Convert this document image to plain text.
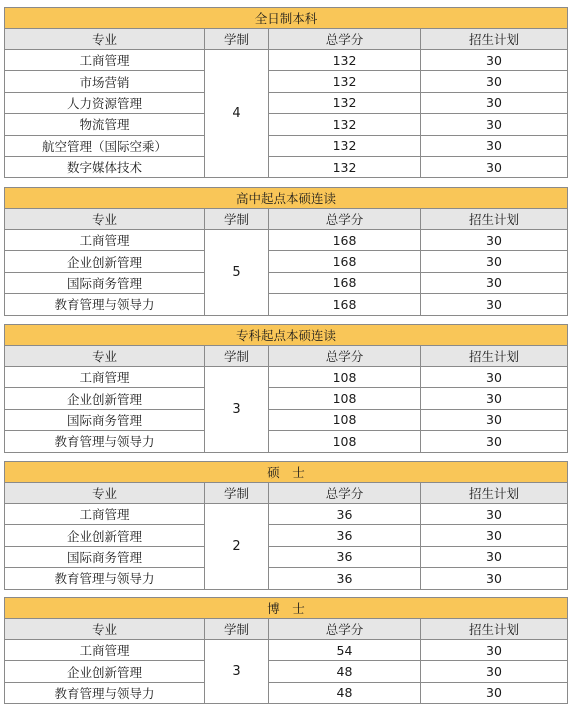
全日制本科			
专业	学制	总学分	招生计划
工商管理	4	132	30
市场营销		132	30
人力资源管理		132	30
物流管理		132	30
航空管理（国际空乘）		132	30
数字媒体技术		132	30
高中起点本硕连读			
专业	学制	总学分	招生计划
工商管理	5	168	30
企业创新管理		168	30
国际商务管理		168	30
教育管理与领导力		168	30
专科起点本硕连读			
专业	学制	总学分	招生计划
工商管理	3	108	30
企业创新管理		108	30
国际商务管理		108	30
教育管理与领导力		108	30
硕　士			
专业	学制	总学分	招生计划
工商管理	2	36	30
企业创新管理		36	30
国际商务管理		36	30
教育管理与领导力		36	30
博　士			
专业	学制	总学分	招生计划
工商管理	3	54	30
企业创新管理		48	30
教育管理与领导力		48	30
